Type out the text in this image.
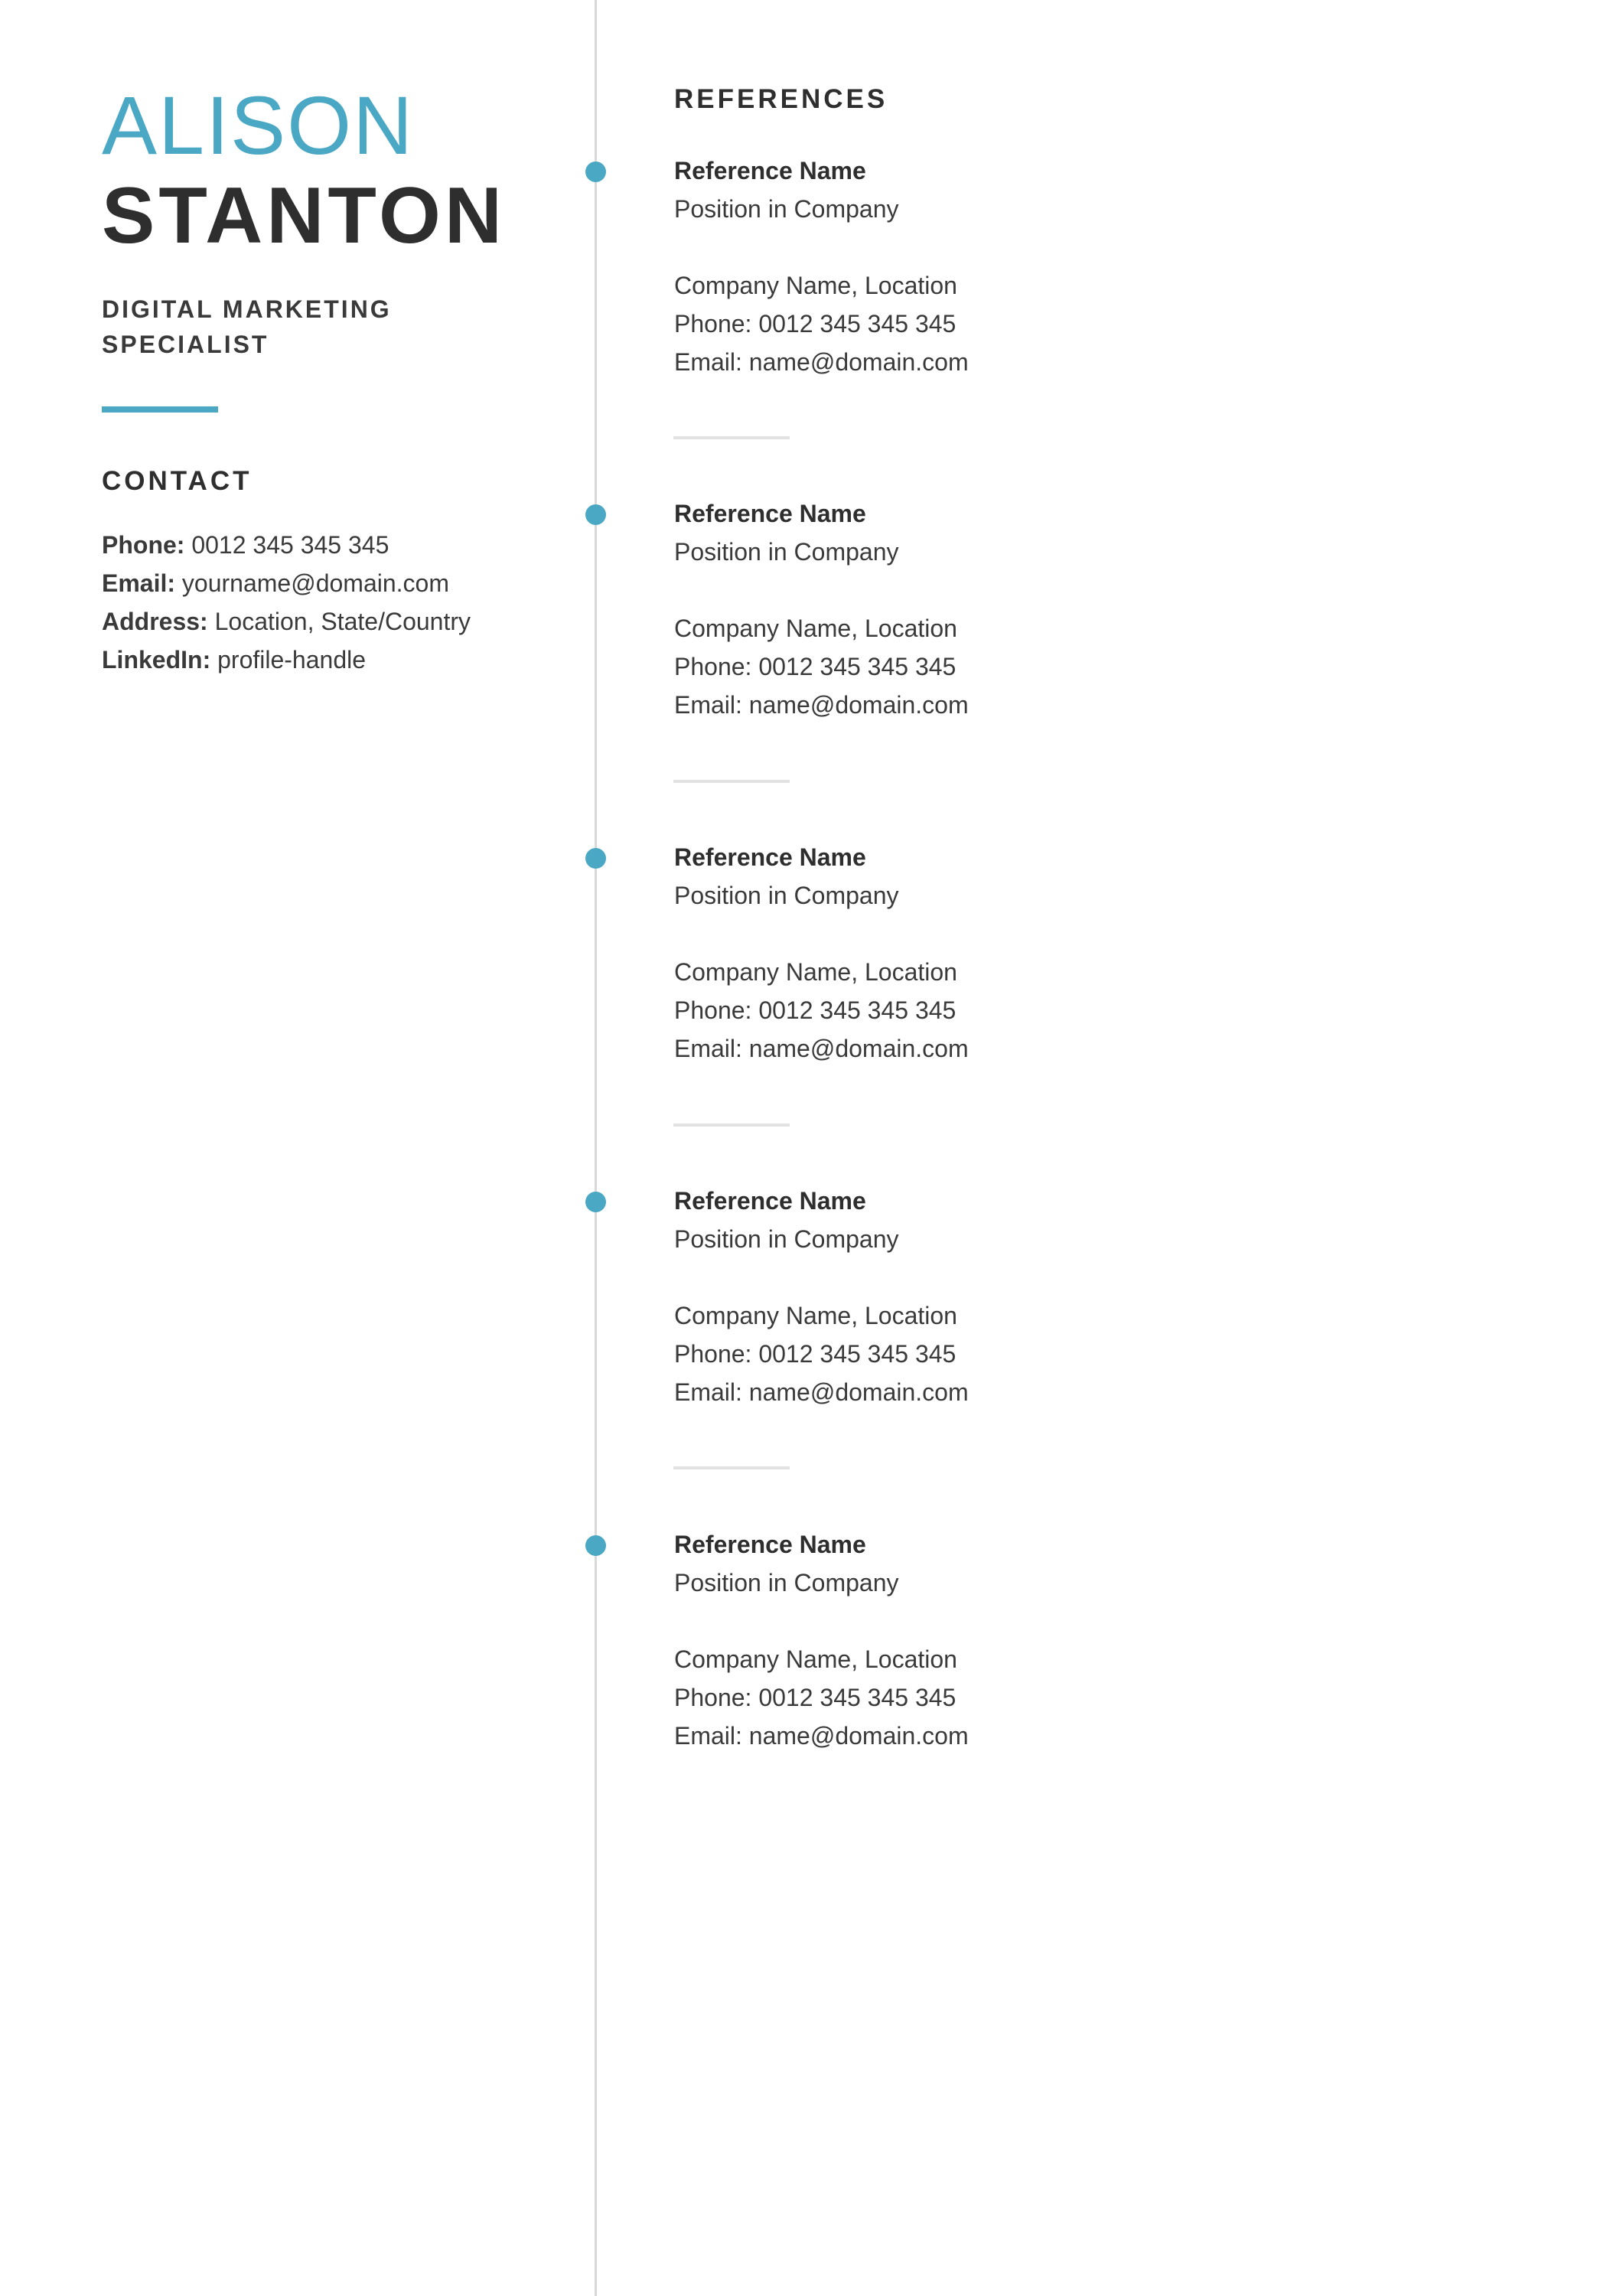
ALISON
STANTON
DIGITAL MARKETING
SPECIALIST
CONTACT
Phone: 0012 345 345 345
Email: yourname@domain.com
Address: Location, State/Country
LinkedIn: profile-handle
REFERENCES
Reference Name
Position in Company
Company Name, Location
Phone: 0012 345 345 345
Email: name@domain.com
Reference Name
Position in Company
Company Name, Location
Phone: 0012 345 345 345
Email: name@domain.com
Reference Name
Position in Company
Company Name, Location
Phone: 0012 345 345 345
Email: name@domain.com
Reference Name
Position in Company
Company Name, Location
Phone: 0012 345 345 345
Email: name@domain.com
Reference Name
Position in Company
Company Name, Location
Phone: 0012 345 345 345
Email: name@domain.com
